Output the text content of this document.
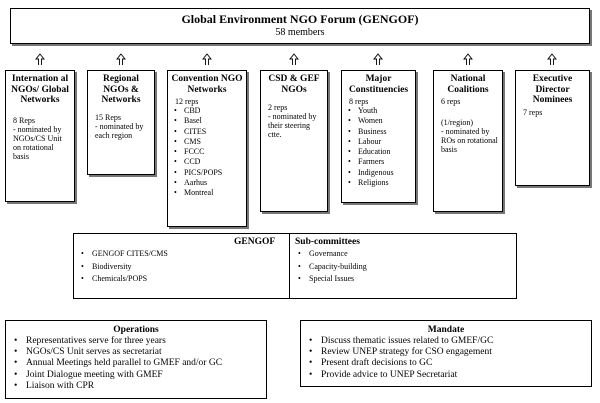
Global Environment NGO Forum (GENGOF)
58 members
Internation al NGOs/ Global Networks
8 Reps
- nominated by NGOs/CS Unit on rotational basis
Regional NGOs & Networks
15 Reps
- nominated by each region
Convention NGO Networks
12 reps
• CBD
• Basel
• CITES
• CMS
• FCCC
• CCD
• PICS/POPS
• Aarhus
• Montreal
CSD & GEF NGOs
2 reps
- nominated by their steering ctte.
Major Constituencies
8 reps
• Youth
• Women
• Business
• Labour
• Education
• Farmers
• Indigenous
• Religions
National Coalitions
6 reps
(1/region)
- nominated by ROs on rotational basis
Executive Director Nominees
7 reps
GENGOF
• GENGOF CITES/CMS
• Biodiversity
• Chemicals/POPS
Sub-committees
• Governance
• Capacity-building
• Special Issues
Operations
• Representatives serve for three years
• NGOs/CS Unit serves as secretariat
• Annual Meetings held parallel to GMEF and/or GC
• Joint Dialogue meeting with GMEF
• Liaison with CPR
Mandate
• Discuss thematic issues related to GMEF/GC
• Review UNEP strategy for CSO engagement
• Present draft decisions to GC
• Provide advice to UNEP Secretariat
